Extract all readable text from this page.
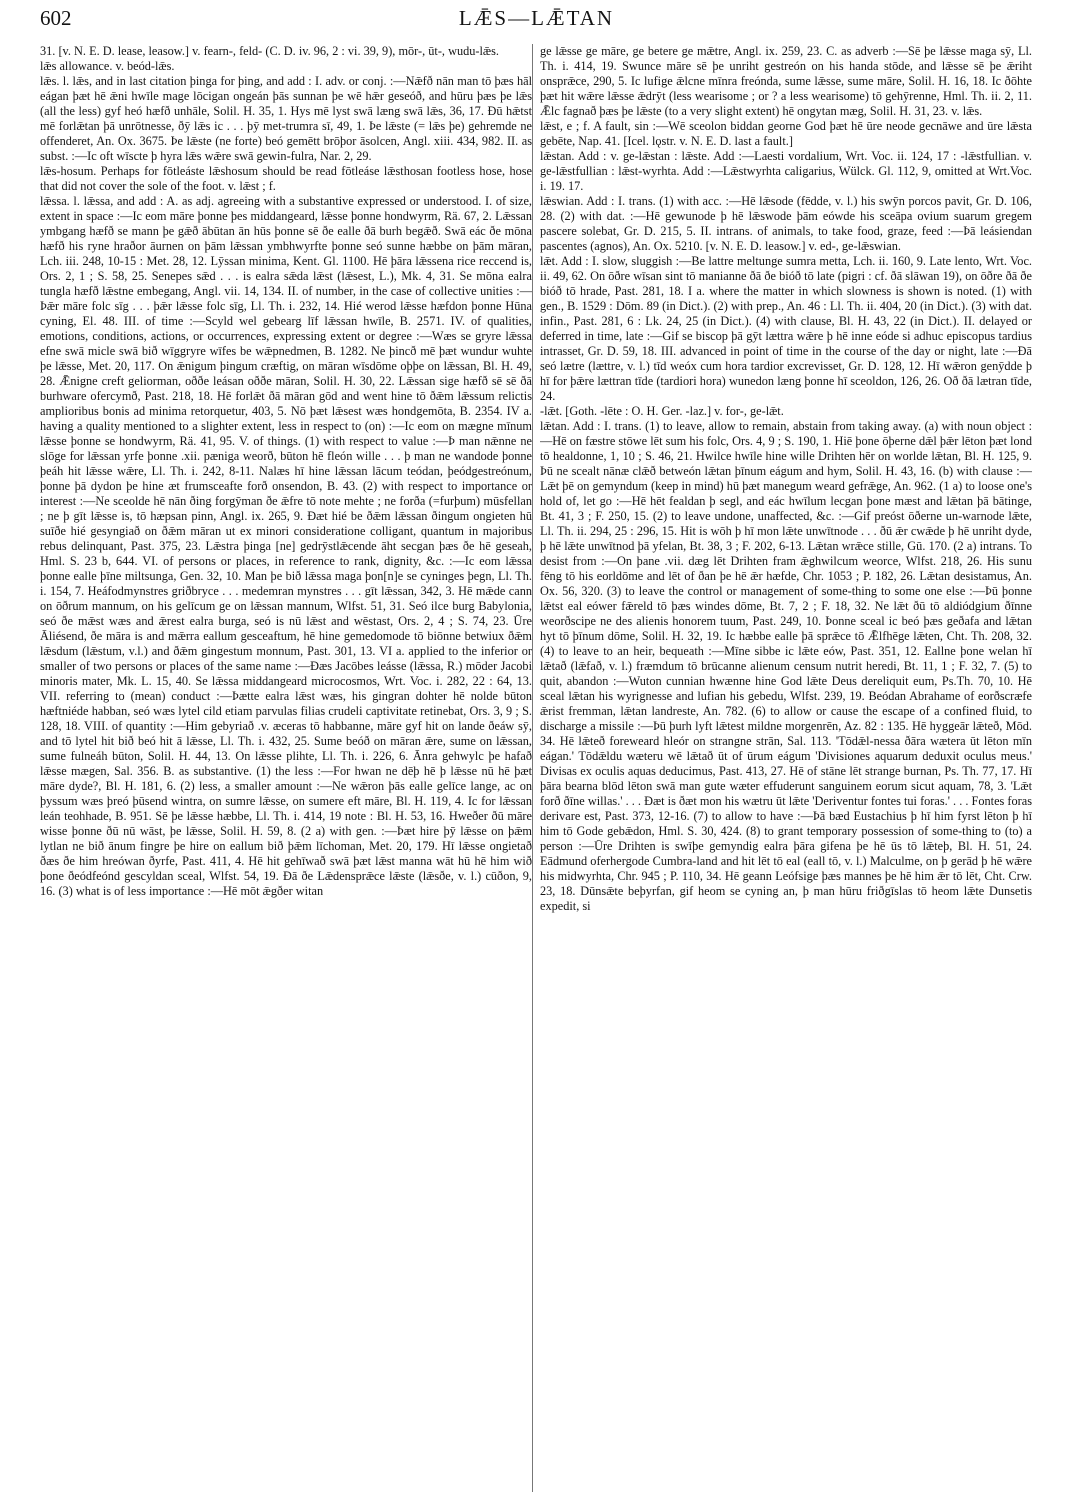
602	LǢS—LǢTAN

31. [v. N. E. D. lease, leasow.] v. fearn-, feld- (C. D. iv. 96, 2 : vi. 39, 9), mōr-, ūt-, wudu-lǣs.

lǣs allowance. v. beód-lǣs.

lǣs. l. lǣs, and in last citation þinga for þing, and add : I. adv. or conj. :—Nǣfð nān man tō þæs hāl eágan þæt hē ǣni hwīle mage lōcigan ongeán þās sunnan þe wē hǣr geseóð, and hūru þæs þe lǣs (all the less) gyf heó hæfð unhāle, Solil. H. 35, 1. Hys mē lyst swā læng swā lǣs, 36, 17. Ðū hǣtst mē forlǣtan þā unrōtnesse, ðȳ lǣs ic . . . þȳ met-trumra sī, 49, 1. Þe lǣste (= lǣs þe) gehremde ne offenderet, An. Ox. 3675. Þe lǣste (ne forte) beó gemētt brōþor āsolcen, Angl. xiii. 434, 982. II. as subst. :—Ic oft wīscte þ hyra lǣs wǣre swā gewin-fulra, Nar. 2, 29.

lǣs-hosum. Perhaps for fōtleáste lǣshosum should be read fōtleáse lǣsthosan footless hose, hose that did not cover the sole of the foot. v. lǣst ; f.

lǣssa. l. lǣssa, and add : A. as adj. agreeing with a substantive expressed or understood. I. of size, extent in space :—Ic eom māre þonne þes middangeard, lǣsse þonne hondwyrm, Rä. 67, 2. Lǣssan ymbgang hæfð se mann þe gǣð ābūtan ān hūs þonne sē ðe ealle ðā burh begǣð. Swā eác ðe mōna hæfð his ryne hraðor āurnen on þām lǣssan ymbhwyrfte þonne seó sunne hæbbe on þām māran, Lch. iii. 248, 10-15 : Met. 28, 12. Lȳssan minima, Kent. Gl. 1100. Hē þāra lǣssena rice reccend is, Ors. 2, 1 ; S. 58, 25. Senepes sǣd . . . is ealra sǣda lǣst (lǣsest, L.), Mk. 4, 31. Se mōna ealra tungla hæfð lǣstne embegang, Angl. vii. 14, 134. II. of number, in the case of collective unities :—Þǣr māre folc sīg . . . þǣr lǣsse folc sīg, Ll. Th. i. 232, 14. Hié werod lǣsse hæfdon þonne Hūna cyning, El. 48. III. of time :—Scyld wel gebearg līf lǣssan hwīle, B. 2571. IV. of qualities, emotions, conditions, actions, or occurrences, expressing extent or degree :—Wæs se gryre lǣssa efne swā micle swā bið wīggryre wīfes be wǣpnedmen, B. 1282. Ne þincð mē þæt wundur wuhte þe lǣsse, Met. 20, 117. On ǣnigum þingum cræftig, on māran wīsdōme oþþe on lǣssan, Bl. H. 49, 28. Ǣnigne creft geliorman, oððe leásan oððe māran, Solil. H. 30, 22. Lǣssan sige hæfð sē sē ðā burhware ofercymð, Past. 218, 18. Hē forlǣt ðā māran gōd and went hine tō ðǣm lǣssum relictis amplioribus bonis ad minima retorquetur, 403, 5. Nō þæt lǣsest wæs hondgemōta, B. 2354. IV a. having a quality mentioned to a slighter extent, less in respect to (on) :—Ic eom on mægne mīnum lǣsse þonne se hondwyrm, Rä. 41, 95. V. of things. (1) with respect to value :—Þ man nǣnne ne slōge for lǣssan yrfe þonne .xii. pæniga weorð, būton hē fleón wille . . . þ man ne wandode þonne þeáh hit lǣsse wǣre, Ll. Th. i. 242, 8-11. Nalæs hī hine lǣssan lācum teódan, þeódgestreónum, þonne þā dydon þe hine æt frumsceafte forð onsendon, B. 43. (2) with respect to importance or interest :—Ne sceolde hē nān ðing forgȳman ðe ǣfre tō note mehte ; ne forða (=furþum) mūsfellan ; ne þ gīt lǣsse is, tō hæpsan pinn, Angl. ix. 265, 9. Ðæt hié be ðǣm lǣssan ðingum ongieten hū suīðe hié gesyngiað on ðǣm māran ut ex minori consideratione colligant, quantum in majoribus rebus delinquant, Past. 375, 23. Lǣstra þinga [ne] gedrȳstlǣcende āht secgan þæs ðe hē geseah, Hml. S. 23 b, 644. VI. of persons or places, in reference to rank, dignity, &c. :—Ic eom lǣssa þonne ealle þīne miltsunga, Gen. 32, 10. Man þe bið lǣssa maga þon[n]e se cyninges þegn, Ll. Th. i. 154, 7. Heáfodmynstres griðbryce . . . medemran mynstres . . . gīt lǣssan, 342, 3. Hē mǣde cann on ōðrum mannum, on his gelīcum ge on lǣssan mannum, Wlfst. 51, 31. Seó ilce burg Babylonia, seó ðe mǣst wæs and ǣrest ealra burga, seó is nū lǣst and wēstast, Ors. 2, 4 ; S. 74, 23. Ūre Āliésend, ðe māra is and mǣrra eallum gesceaftum, hē hine gemedomode tō biōnne betwiux ðǣm lǣsdum (lǣstum, v.l.) and ðǣm gingestum monnum, Past. 301, 13. VI a. applied to the inferior or smaller of two persons or places of the same name :—Ðæs Jacōbes leásse (lǣssa, R.) mōder Jacobi minoris mater, Mk. L. 15, 40. Se lǣssa middangeard microcosmos, Wrt. Voc. i. 282, 22 : 64, 13. VII. referring to (mean) conduct :—Þætte ealra lǣst wæs, his gingran dohter hē nolde būton hæftniéde habban, seó wæs lytel cild etiam parvulas filias crudeli captivitate retinebat, Ors. 3, 9 ; S. 128, 18. VIII. of quantity :—Him gebyriað .v. æceras tō habbanne, māre gyf hit on lande ðeáw sȳ, and tō lytel hit bið beó hit ā lǣsse, Ll. Th. i. 432, 25. Sume beóð on māran ǣre, sume on lǣssan, sume fulneáh būton, Solil. H. 44, 13. On lǣsse plihte, Ll. Th. i. 226, 6. Ānra gehwylc þe hafað lǣsse mægen, Sal. 356. B. as substantive. (1) the less :—For hwan ne dēþ hē þ lǣsse nū hē þæt māre dyde?, Bl. H. 181, 6. (2) less, a smaller amount :—Ne wǣron þās ealle gelīce lange, ac on þyssum wæs þreó þūsend wintra, on sumre lǣsse, on sumere eft māre, Bl. H. 119, 4. Ic for lǣssan leán teohhade, B. 951. Sē þe lǣsse hæbbe, Ll. Th. i. 414, 19 note : Bl. H. 53, 16. Hweðer ðū māre wisse þonne ðū nū wāst, þe lǣsse, Solil. H. 59, 8. (2 a) with gen. :—Þæt hire þȳ lǣsse on þǣm lytlan ne bið ānum fingre þe hire on eallum bið þǣm līchoman, Met. 20, 179. Hī lǣsse ongietað ðæs ðe him hreówan ðyrfe, Past. 411, 4. Hē hit gehīwað swā þæt lǣst manna wāt hū hē him wið þone ðeódfeónd gescyldan sceal, Wlfst. 54, 19. Ðā ðe Lǣdensprǣce lǣste (lǣsðe, v. l.) cūðon, 9, 16. (3) what is of less importance :—Hē mōt ǣgðer witan

ge lǣsse ge māre, ge betere ge mǣtre, Angl. ix. 259, 23. C. as adverb :—Sē þe lǣsse maga sȳ, Ll. Th. i. 414, 19. Swunce māre sē þe unriht gestreón on his handa stōde, and lǣsse sē þe ǣriht onsprǣce, 290, 5. Ic lufige ǣlcne mīnra freónda, sume lǣsse, sume māre, Solil. H. 16, 18. Ic ðōhte þæt hit wǣre lǣsse ǣdrȳt (less wearisome ; or ? a less wearisome) tō gehȳrenne, Hml. Th. ii. 2, 11. Ǣlc fagnað þæs þe lǣste (to a very slight extent) hē ongytan mæg, Solil. H. 31, 23. v. lǣs.

lǣst, e ; f. A fault, sin :—Wē sceolon biddan geornе God þæt hē ūre neode gecnāwe and ūre lǣsta gebēte, Nap. 41. [Icel. lǫstr. v. N. E. D. last a fault.]

lǣstan. Add : v. ge-lǣstan : lǣste. Add :—Laesti vordalium, Wrt. Voc. ii. 124, 17 : -lǣstfullian. v. ge-lǣstfullian : lǣst-wyrhta. Add :—Lǣstwyrhta caligarius, Wülck. Gl. 112, 9, omitted at Wrt.Voc. i. 19. 17.

lǣswian. Add : I. trans. (1) with acc. :—Hē lǣsode (fēdde, v. l.) his swȳn porcos pavit, Gr. D. 106, 28. (2) with dat. :—Hē gewunode þ hē lǣswode þām eówde his sceāpa ovium suarum gregem pascere solebat, Gr. D. 215, 5. II. intrans. of animals, to take food, graze, feed :—Þā leásiendan pascentes (agnos), An. Ox. 5210. [v. N. E. D. leasow.] v. ed-, ge-lǣswian.

lǣt. Add : I. slow, sluggish :—Be lattre meltunge sumra metta, Lch. ii. 160, 9. Late lento, Wrt. Voc. ii. 49, 62. On ōðre wīsan sint tō manianne ðā ðe bióð tō late (pigri : cf. ðā slāwan 19), on ōðre ðā ðe bióð tō hrade, Past. 281, 18. I a. where the matter in which slowness is shown is noted. (1) with gen., B. 1529 : Dōm. 89 (in Dict.). (2) with prep., An. 46 : Ll. Th. ii. 404, 20 (in Dict.). (3) with dat. infin., Past. 281, 6 : Lk. 24, 25 (in Dict.). (4) with clause, Bl. H. 43, 22 (in Dict.). II. delayed or deferred in time, late :—Gif se biscop þā gȳt lættra wǣre þ hē inne eóde si adhuc episcopus tardius intrasset, Gr. D. 59, 18. III. advanced in point of time in the course of the day or night, late :—Ðā seó lætre (lættre, v. l.) tīd weóx cum hora tardior excrevisset, Gr. D. 128, 12. Hī wǣron genȳdde þ hī for þǣre lættran tīde (tardiori hora) wunedon læng þonne hī sceoldon, 126, 26. Oð ðā lætran tīde, 24.

-lǣt. [Goth. -lēte : O. H. Ger. -laz.] v. for-, ge-lǣt.

lǣtan. Add : I. trans. (1) to leave, allow to remain, abstain from taking away. (a) with noun object :—Hē on fæstre stōwe lēt sum his folc, Ors. 4, 9 ; S. 190, 1. Hiē þone ōþerne dǣl þǣr lēton þæt lond tō healdonne, 1, 10 ; S. 46, 21. Hwilce hwīle hine wille Drihten hēr on worlde lǣtan, Bl. H. 125, 9. Þū ne scealt nānæ clǣð betweón lǣtan þīnum eágum and hym, Solil. H. 43, 16. (b) with clause :—Lǣt þē on gemyndum (keep in mind) hū þæt manegum weard gefrǣge, An. 962. (1 a) to loose one's hold of, let go :—Hē hēt fealdan þ segl, and eác hwīlum lecgan þone mæst and lǣtan þā bātinge, Bt. 41, 3 ; F. 250, 15. (2) to leave undone, unaffected, &c. :—Gif preóst ōðerne un-warnode lǣte, Ll. Th. ii. 294, 25 : 296, 15. Hit is wōh þ hī mon lǣte unwītnode . . . ðū ǣr cwǣde þ hē unriht dyde, þ hē lǣte unwītnod þā yfelan, Bt. 38, 3 ; F. 202, 6-13. Lǣtan wrǣce stille, Gū. 170. (2 a) intrans. To desist from :—On þane .vii. dæg lēt Drihten fram ǣghwilcum weorce, Wlfst. 218, 26. His sunu fēng tō his eorldōme and lēt of ðan þe hē ǣr hæfde, Chr. 1053 ; P. 182, 26. Lǣtan desistamus, An. Ox. 56, 320. (3) to leave the control or management of some-thing to some one else :—Þū þonne lǣtst eal eówer fǣreld tō þæs windes dōme, Bt. 7, 2 ; F. 18, 32. Ne lǣt ðū tō aldiódgium ðīnne weorðscipe ne des alienis honorem tuum, Past. 249, 10. Þonne sceal ic beó þæs geðafa and lǣtan hyt tō þīnum dōme, Solil. H. 32, 19. Ic hæbbe ealle þā sprǣce tō Ǣlfhēge lǣten, Cht. Th. 208, 32. (4) to leave to an heir, bequeath :—Mīne sibbe ic lǣte eów, Past. 351, 12. Eallne þone welan hī lǣtað (lǣfað, v. l.) fræmdum tō brūcanne alienum censum nutrit heredi, Bt. 11, 1 ; F. 32, 7. (5) to quit, abandon :—Wuton cunnian hwænne hine God lǣte Deus dereliquit eum, Ps.Th. 70, 10. Hē sceal lǣtan his wyrignesse and lufian his gebedu, Wlfst. 239, 19. Beódan Abrahame of eorðscræfe ǣrist fremman, lǣtan landreste, An. 782. (6) to allow or cause the escape of a confined fluid, to discharge a missile :—Þū þurh lyft lǣtest mildne morgenrēn, Az. 82 : 135. Hē hyggeār lǣtеð, Mōd. 34. Hē lǣteð foreweard hleór on strangne strān, Sal. 113. 'Tōdǣl-nessa ðāra wætera ūt lēton mīn eágan.' Tōdǣldu wæteru wē lǣtað ūt of ūrum eágum 'Divisiones aquarum deduxit oculus meus.' Divisas ex oculis aquas deducimus, Past. 413, 27. Hē of stāne lēt strange burnan, Ps. Th. 77, 17. Hī þāra bearna blōd lēton swā man gute wæter effuderunt sanguinem eorum sicut aquam, 78, 3. 'Lǣt forð ðīne willas.' . . . Ðæt is ðæt mon his wætru ūt lǣte 'Deriventur fontes tui foras.' . . . Fontes foras derivare est, Past. 373, 12-16. (7) to allow to have :—Þā bæd Eustachius þ hī him fyrst lēton þ hī him tō Gode gebǣdon, Hml. S. 30, 424. (8) to grant temporary possession of some-thing to (to) a person :—Ūre Drihten is swīþe gemyndig ealra þāra gifena þe hē ūs tō lǣteþ, Bl. H. 51, 24. Eādmund oferhergode Cumbra-land and hit lēt tō eal (eall tō, v. l.) Malculme, on þ gerād þ hē wǣre his midwyrhta, Chr. 945 ; P. 110, 34. Hē geann Leófsige þæs mannes þe hē him ǣr tō lēt, Cht. Crw. 23, 18. Dūnsǣte beþyrfan, gif heom se cyning an, þ man hūru friðgīslas tō heom lǣte Dunsetis expedit, si
